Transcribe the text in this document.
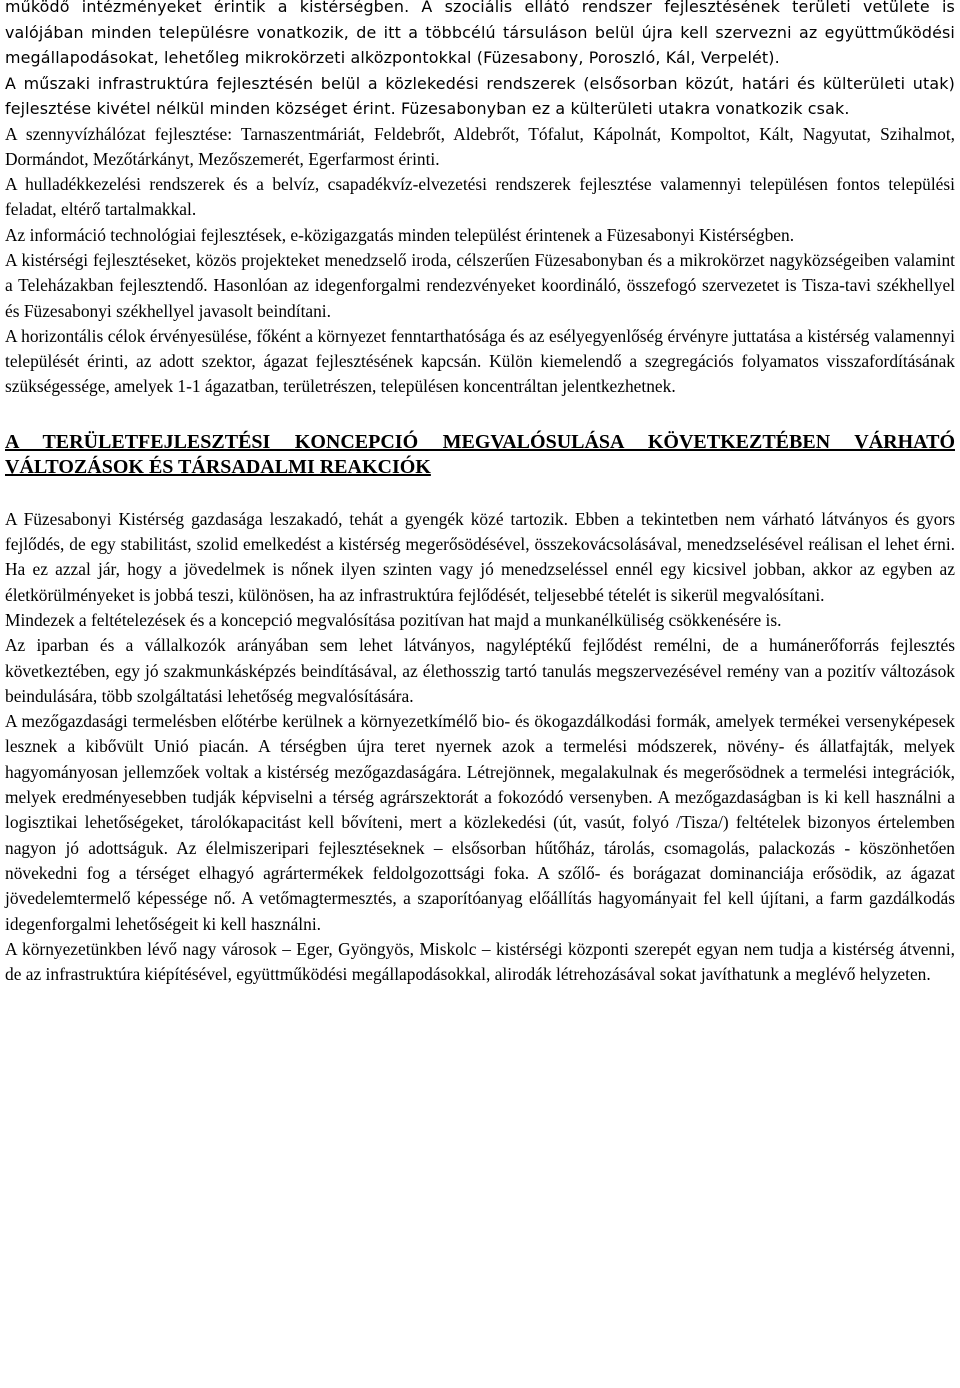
működő intézményeket érintik a kistérségben. A szociális ellátó rendszer fejlesztésének területi vetülete is valójában minden településre vonatkozik, de itt a többcélú társuláson belül újra kell szervezni az együttműködési megállapodásokat, lehetőleg mikrokörzeti alközpontokkal (Füzesabony, Poroszló, Kál, Verpelét).

A műszaki infrastruktúra fejlesztésén belül a közlekedési rendszerek (elsősorban közút, határi és külterületi utak) fejlesztése kivétel nélkül minden községet érint. Füzesabonyban ez a külterületi utakra vonatkozik csak.

A szennyvízhálózat fejlesztése: Tarnaszentmáriát, Feldebrőt, Aldebrőt, Tófalut, Kápolnát, Kompoltot, Kált, Nagyutat, Szihalmot, Dormándot, Mezőtárkányt, Mezőszemerét, Egerfarmost érinti.

A hulladékkezelési rendszerek és a belvíz, csapadékvíz-elvezetési rendszerek fejlesztése valamennyi településen fontos települési feladat, eltérő tartalmakkal.

Az információ technológiai fejlesztések, e-közigazgatás minden települést érintenek a Füzesabonyi Kistérségben.

A kistérségi fejlesztéseket, közös projekteket menedzselő iroda, célszerűen Füzesabonyban és a mikrokörzet nagyközségeiben valamint a Teleházakban fejlesztendő. Hasonlóan az idegenforgalmi rendezvényeket koordináló, összefogó szervezetet is Tisza-tavi székhellyel és Füzesabonyi székhellyel javasolt beindítani.

A horizontális célok érvényesülése, főként a környezet fenntarthatósága és az esélyegyenlőség érvényre juttatása a kistérség valamennyi települését érinti, az adott szektor, ágazat fejlesztésének kapcsán. Külön kiemelendő a szegregációs folyamatos visszafordításának szükségessége, amelyek 1-1 ágazatban, területrészen, településen koncentráltan jelentkezhetnek.

A TERÜLETFEJLESZTÉSI KONCEPCIÓ MEGVALÓSULÁSA KÖVETKEZTÉBEN VÁRHATÓ VÁLTOZÁSOK ÉS TÁRSADALMI REAKCIÓK

A Füzesabonyi Kistérség gazdasága leszakadó, tehát a gyengék közé tartozik. Ebben a tekintetben nem várható látványos és gyors fejlődés, de egy stabilitást, szolid emelkedést a kistérség megerősödésével, összekovácsolásával, menedzselésével reálisan el lehet érni. Ha ez azzal jár, hogy a jövedelmek is nőnek ilyen szinten vagy jó menedzseléssel ennél egy kicsivel jobban, akkor az egyben az életkörülményeket is jobbá teszi, különösen, ha az infrastruktúra fejlődését, teljesebbé tételét is sikerül megvalósítani.

Mindezek a feltételezések és a koncepció megvalósítása pozitívan hat majd a munkanélküliség csökkenésére is.

Az iparban és a vállalkozók arányában sem lehet látványos, nagyléptékű fejlődést remélni, de a humánerőforrás fejlesztés következtében, egy jó szakmunkásképzés beindításával, az élethosszig tartó tanulás megszervezésével remény van a pozitív változások beindulására, több szolgáltatási lehetőség megvalósítására.

A mezőgazdasági termelésben előtérbe kerülnek a környezetkímélő bio- és ökogazdálkodási formák, amelyek termékei versenyképesek lesznek a kibővült Unió piacán. A térségben újra teret nyernek azok a termelési módszerek, növény- és állatfajták, melyek hagyományosan jellemzőek voltak a kistérség mezőgazdaságára. Létrejönnek, megalakulnak és megerősödnek a termelési integrációk, melyek eredményesebben tudják képviselni a térség agrárszektorát a fokozódó versenyben. A mezőgazdaságban is ki kell használni a logisztikai lehetőségeket, tárolókapacitást kell bővíteni, mert a közlekedési (út, vasút, folyó /Tisza/) feltételek bizonyos értelemben nagyon jó adottságuk. Az élelmiszeripari fejlesztéseknek – elsősorban hűtőház, tárolás, csomagolás, palackozás - köszönhetően növekedni fog a térséget elhagyó agrártermékek feldolgozottsági foka. A szőlő- és borágazat dominanciája erősödik, az ágazat jövedelemtermelő képessége nő. A vetőmagtermesztés, a szaporítóanyag előállítás hagyományait fel kell újítani, a farm gazdálkodás idegenforgalmi lehetőségeit ki kell használni.

A környezetünkben lévő nagy városok – Eger, Gyöngyös, Miskolc – kistérségi központi szerepét egyan nem tudja a kistérség átvenni, de az infrastruktúra kiépítésével, együttműködési megállapodásokkal, alirodák létrehozásával sokat javíthatunk a meglévő helyzeten.
